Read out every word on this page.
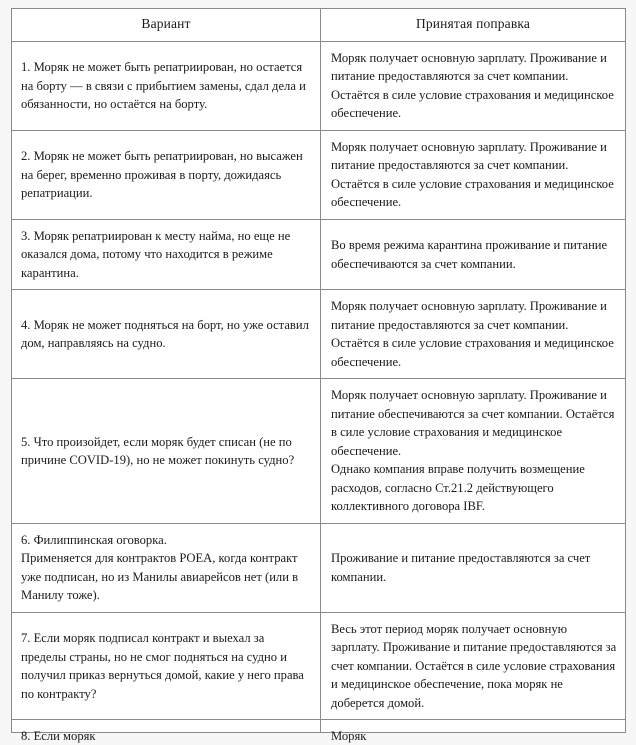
Вариант	Принятая поправка

1. Моряк не может быть репатриирован, но остается на борту — в связи с прибытием замены, сдал дела и обязанности, но остаётся на борту.	Моряк получает основную зарплату. Проживание и питание предоставляются за счет компании. Остаётся в силе условие страхования и медицинское обеспечение.

2. Моряк не может быть репатриирован, но высажен на берег, временно проживая в порту, дожидаясь репатриации.	Моряк получает основную зарплату. Проживание и питание предоставляются за счет компании. Остаётся в силе условие страхования и медицинское обеспечение.

3. Моряк репатриирован к месту найма, но еще не оказался дома, потому что находится в режиме карантина.	Во время режима карантина проживание и питание обеспечиваются за счет компании.

4. Моряк не может подняться на борт, но уже оставил дом, направляясь на судно.	Моряк получает основную зарплату. Проживание и питание предоставляются за счет компании. Остаётся в силе условие страхования и медицинское обеспечение.

5. Что произойдет, если моряк будет списан (не по причине COVID-19), но не может покинуть судно?	Моряк получает основную зарплату. Проживание и питание обеспечиваются за счет компании. Остаётся в силе условие страхования и медицинское обеспечение.

Однако компания вправе получить возмещение расходов, согласно Ст.21.2 действующего коллективного договора IBF.

6. Филиппинская оговорка.

Применяется для контрактов POEA, когда контракт уже подписан, но из Манилы авиарейсов нет (или в Манилу тоже).	Проживание и питание предоставляются за счет компании.

7. Если моряк подписал контракт и выехал за пределы страны, но не смог подняться на судно и получил приказ вернуться домой, какие у него права по контракту?	Весь этот период моряк получает основную зарплату. Проживание и питание предоставляются за счет компании. Остаётся в силе условие страхования и медицинское обеспечение, пока моряк не доберется домой.

8. Если моряк	Моряк
